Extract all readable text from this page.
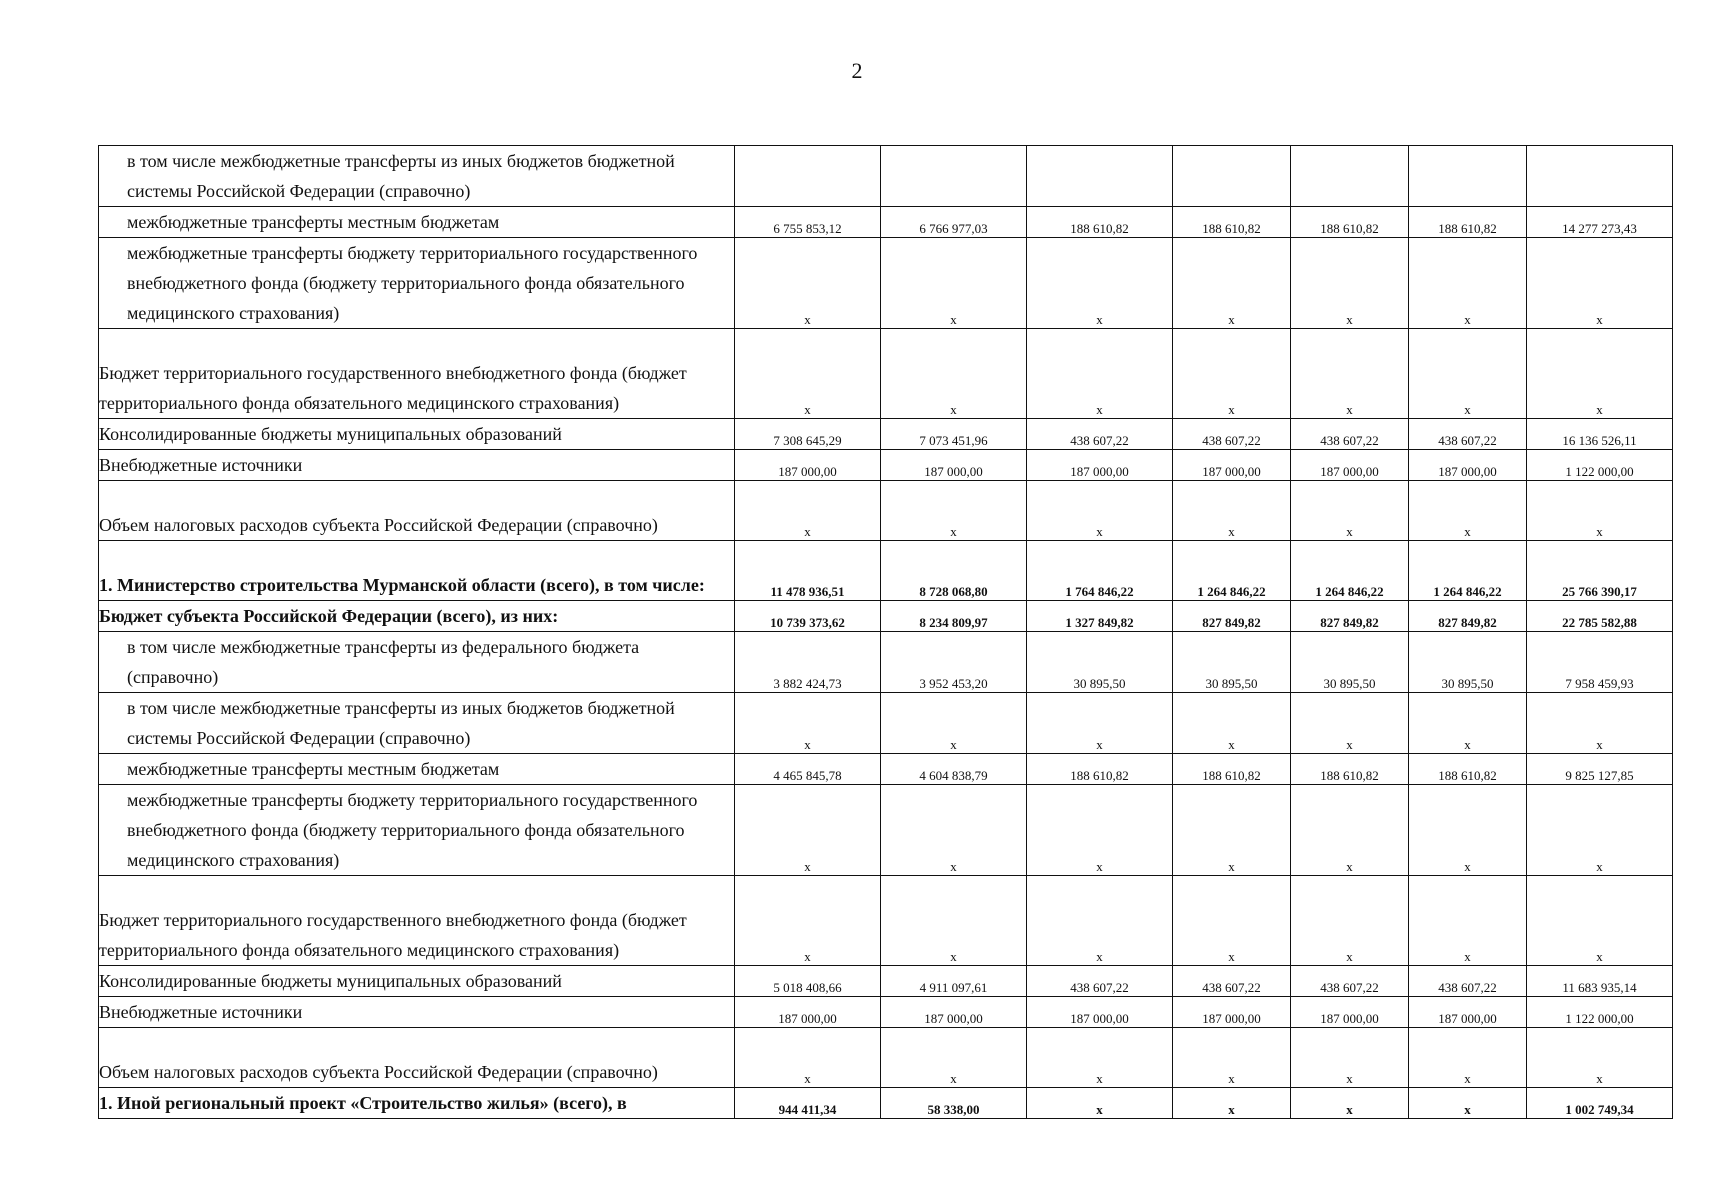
2
в том числе межбюджетные трансферты из иных бюджетов бюджетной системы Российской Федерации (справочно)							
межбюджетные трансферты местным бюджетам	6 755 853,12	6 766 977,03	188 610,82	188 610,82	188 610,82	188 610,82	14 277 273,43
межбюджетные трансферты бюджету территориального государственного внебюджетного фонда (бюджету территориального фонда обязательного медицинского страхования)	x	x	x	x	x	x	x
Бюджет территориального государственного внебюджетного фонда (бюджет территориального фонда обязательного медицинского страхования)	x	x	x	x	x	x	x
Консолидированные бюджеты муниципальных образований	7 308 645,29	7 073 451,96	438 607,22	438 607,22	438 607,22	438 607,22	16 136 526,11
Внебюджетные источники	187 000,00	187 000,00	187 000,00	187 000,00	187 000,00	187 000,00	1 122 000,00
Объем налоговых расходов субъекта Российской Федерации (справочно)	x	x	x	x	x	x	x
1. Министерство строительства Мурманской области (всего), в том числе:	11 478 936,51	8 728 068,80	1 764 846,22	1 264 846,22	1 264 846,22	1 264 846,22	25 766 390,17
Бюджет субъекта Российской Федерации (всего), из них:	10 739 373,62	8 234 809,97	1 327 849,82	827 849,82	827 849,82	827 849,82	22 785 582,88
в том числе межбюджетные трансферты из федерального бюджета (справочно)	3 882 424,73	3 952 453,20	30 895,50	30 895,50	30 895,50	30 895,50	7 958 459,93
в том числе межбюджетные трансферты из иных бюджетов бюджетной системы Российской Федерации (справочно)	x	x	x	x	x	x	x
межбюджетные трансферты местным бюджетам	4 465 845,78	4 604 838,79	188 610,82	188 610,82	188 610,82	188 610,82	9 825 127,85
межбюджетные трансферты бюджету территориального государственного внебюджетного фонда (бюджету территориального фонда обязательного медицинского страхования)	x	x	x	x	x	x	x
Бюджет территориального государственного внебюджетного фонда (бюджет территориального фонда обязательного медицинского страхования)	x	x	x	x	x	x	x
Консолидированные бюджеты муниципальных образований	5 018 408,66	4 911 097,61	438 607,22	438 607,22	438 607,22	438 607,22	11 683 935,14
Внебюджетные источники	187 000,00	187 000,00	187 000,00	187 000,00	187 000,00	187 000,00	1 122 000,00
Объем налоговых расходов субъекта Российской Федерации (справочно)	x	x	x	x	x	x	x
1. Иной региональный проект «Строительство жилья» (всего), в	944 411,34	58 338,00	x	x	x	x	1 002 749,34
